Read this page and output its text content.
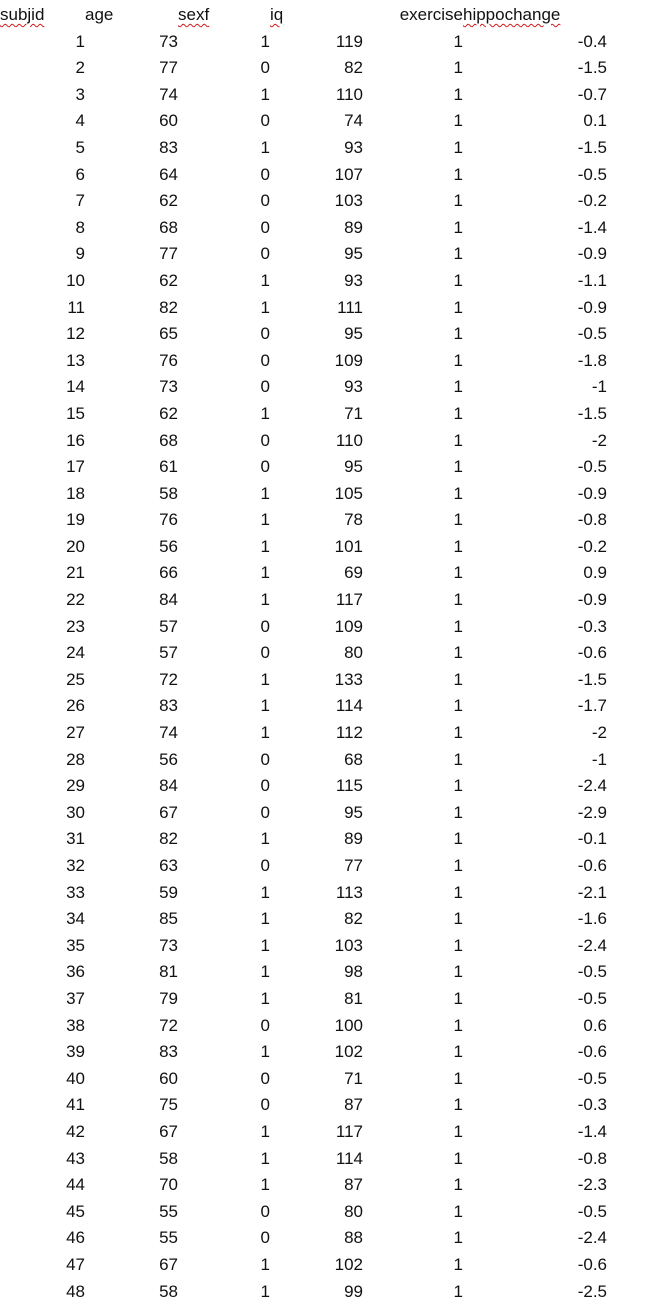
subjid	age	sexf	iq	exercise	hippochange
1	73	1	119	1	-0.4
2	77	0	82	1	-1.5
3	74	1	110	1	-0.7
4	60	0	74	1	0.1
5	83	1	93	1	-1.5
6	64	0	107	1	-0.5
7	62	0	103	1	-0.2
8	68	0	89	1	-1.4
9	77	0	95	1	-0.9
10	62	1	93	1	-1.1
11	82	1	111	1	-0.9
12	65	0	95	1	-0.5
13	76	0	109	1	-1.8
14	73	0	93	1	-1
15	62	1	71	1	-1.5
16	68	0	110	1	-2
17	61	0	95	1	-0.5
18	58	1	105	1	-0.9
19	76	1	78	1	-0.8
20	56	1	101	1	-0.2
21	66	1	69	1	0.9
22	84	1	117	1	-0.9
23	57	0	109	1	-0.3
24	57	0	80	1	-0.6
25	72	1	133	1	-1.5
26	83	1	114	1	-1.7
27	74	1	112	1	-2
28	56	0	68	1	-1
29	84	0	115	1	-2.4
30	67	0	95	1	-2.9
31	82	1	89	1	-0.1
32	63	0	77	1	-0.6
33	59	1	113	1	-2.1
34	85	1	82	1	-1.6
35	73	1	103	1	-2.4
36	81	1	98	1	-0.5
37	79	1	81	1	-0.5
38	72	0	100	1	0.6
39	83	1	102	1	-0.6
40	60	0	71	1	-0.5
41	75	0	87	1	-0.3
42	67	1	117	1	-1.4
43	58	1	114	1	-0.8
44	70	1	87	1	-2.3
45	55	0	80	1	-0.5
46	55	0	88	1	-2.4
47	67	1	102	1	-0.6
48	58	1	99	1	-2.5
